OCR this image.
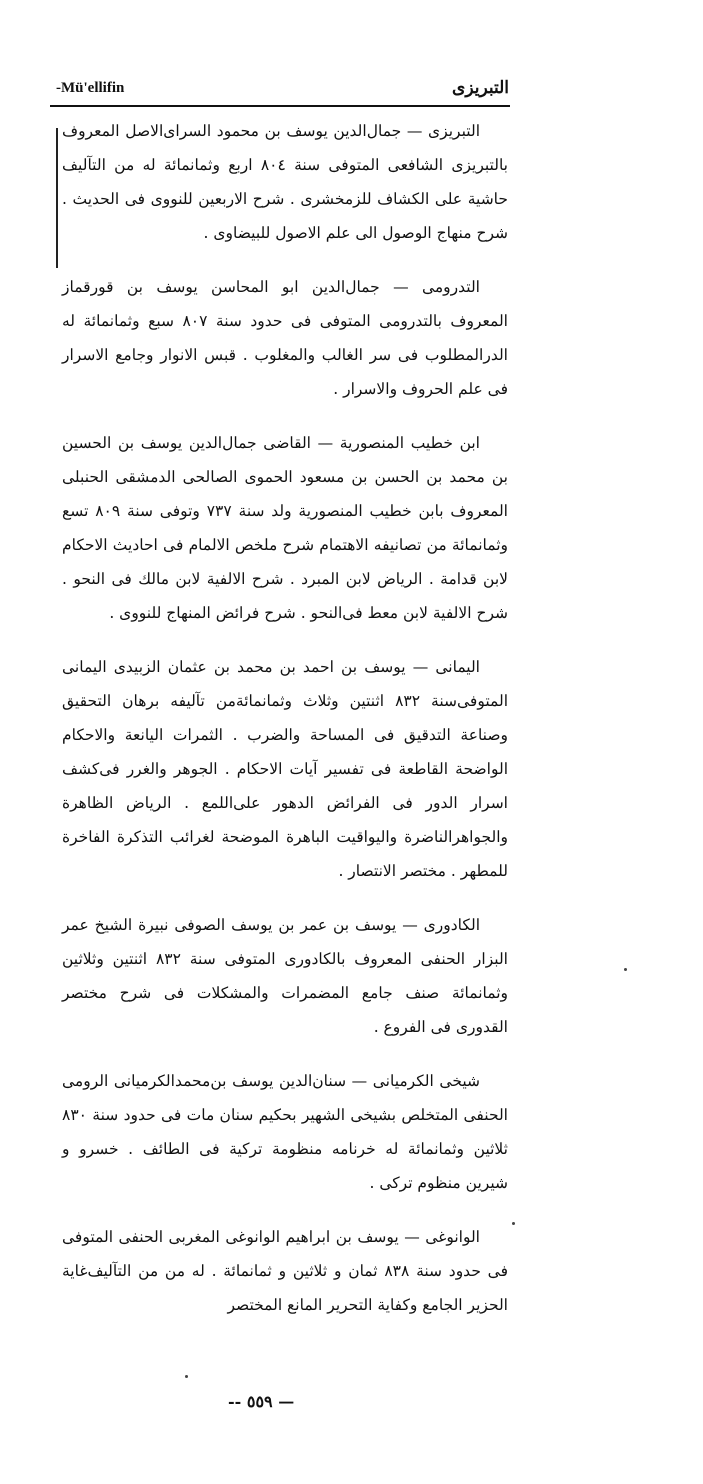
-Mü'ellifin	التبريزى

التبريزى — جمال‌الدين يوسف بن محمود السراى‌الاصل المعروف بالتبريزى الشافعى المتوفى سنة ٨٠٤ اربع وثمانمائة له من التآليف حاشية على الكشاف للزمخشرى . شرح الاربعين للنووى فى الحديث . شرح منهاج الوصول الى علم الاصول للبيضاوى .

التدرومى — جمال‌الدين ابو المحاسن يوسف بن قورقماز المعروف بالتدرومى المتوفى فى حدود سنة ٨٠٧ سبع وثمانمائة له الدرالمطلوب فى سر الغالب والمغلوب . قبس الانوار وجامع الاسرار فى علم الحروف والاسرار .

ابن خطيب المنصورية — القاضى جمال‌الدين يوسف بن الحسين بن محمد بن الحسن بن مسعود الحموى الصالحى الدمشقى الحنبلى المعروف بابن خطيب المنصورية ولد سنة ٧٣٧ وتوفى سنة ٨٠٩ تسع وثمانمائة من تصانيفه الاهتمام شرح ملخص الالمام فى احاديث الاحكام لابن قدامة . الرياض لابن المبرد . شرح الالفية لابن مالك فى النحو . شرح الالفية لابن معط فى‌النحو . شرح فرائض المنهاج للنووى .

اليمانى — يوسف بن احمد بن محمد بن عثمان الزبيدى اليمانى المتوفى‌سنة ٨٣٢ اثنتين وثلاث وثمانمائة‌من تآليفه برهان التحقيق وصناعة التدقيق فى المساحة والضرب . الثمرات اليانعة والاحكام الواضحة القاطعة فى تفسير آيات الاحكام . الجوهر والغرر فى‌كشف اسرار الدور فى الفرائض الدهور على‌اللمع . الرياض الظاهرة والجواهر‌الناضرة واليواقيت الباهرة الموضحة لغرائب التذكرة الفاخرة للمطهر . مختصر الانتصار .

الكادورى — يوسف بن عمر بن يوسف الصوفى نبيرة الشيخ عمر البزار الحنفى المعروف بالكادورى المتوفى سنة ٨٣٢ اثنتين وثلاثين وثمانمائة صنف جامع المضمرات والمشكلات فى شرح مختصر القدورى فى الفروع .

شيخى الكرميانى — سنان‌الدين يوسف بن‌محمد‌الكرميانى الرومى الحنفى المتخلص بشيخى الشهير بحكيم سنان مات فى حدود سنة ٨٣٠ ثلاثين وثمانمائة له خرنامه منظومة تركية فى الطائف . خسرو و شيرين منظوم تركى .

الوانوغى — يوسف بن ابراهيم الوانوغى المغربى الحنفى المتوفى فى حدود سنة ٨٣٨ ثمان و ثلاثين و ثمانمائة . له من من التآليف‌غاية الحزير الجامع وكفاية التحرير المانع المختصر

— ٥٥٩ --
